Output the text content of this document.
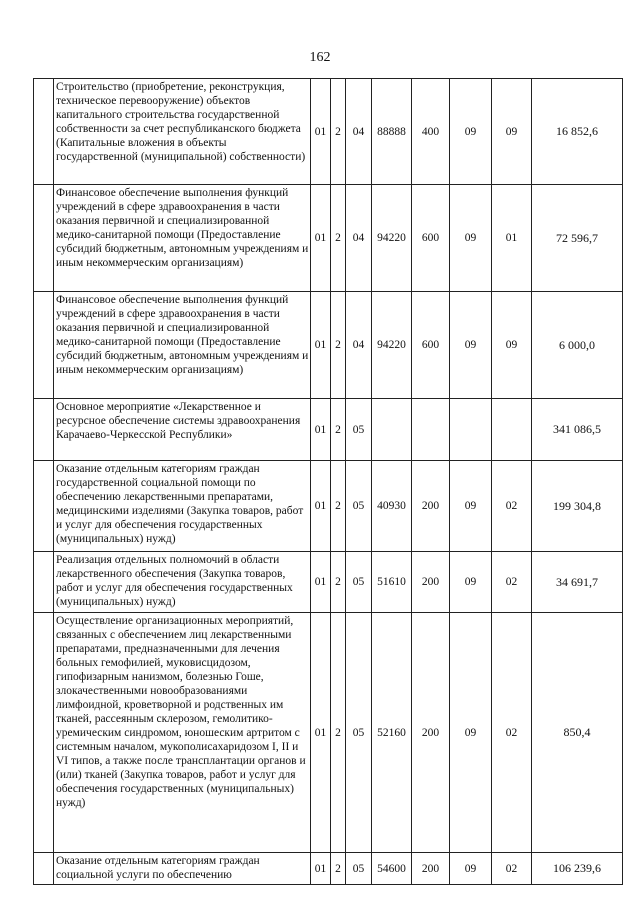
162
	Строительство (приобретение, реконструкция, техническое перевооружение) объектов капитального строительства государственной собственности за счет республиканского бюджета (Капитальные вложения в объекты государственной (муниципальной) собственности)	01	2	04	88888	400	09	09	16 852,6
	Финансовое обеспечение выполнения функций учреждений в сфере здравоохранения в части оказания первичной и специализированной медико-санитарной помощи (Предоставление субсидий бюджетным, автономным учреждениям и иным некоммерческим организациям)	01	2	04	94220	600	09	01	72 596,7
	Финансовое обеспечение выполнения функций учреждений в сфере здравоохранения в части оказания первичной и специализированной медико-санитарной помощи (Предоставление субсидий бюджетным, автономным учреждениям и иным некоммерческим организациям)	01	2	04	94220	600	09	09	6 000,0
	Основное мероприятие «Лекарственное и ресурсное обеспечение системы здравоохранения Карачаево-Черкесской Республики»	01	2	05					341 086,5
	Оказание отдельным категориям граждан государственной социальной помощи по обеспечению лекарственными препаратами, медицинскими изделиями (Закупка товаров, работ и услуг для обеспечения государственных (муниципальных) нужд)	01	2	05	40930	200	09	02	199 304,8
	Реализация отдельных полномочий в области лекарственного обеспечения (Закупка товаров, работ и услуг для обеспечения государственных (муниципальных) нужд)	01	2	05	51610	200	09	02	34 691,7
	Осуществление организационных мероприятий, связанных с обеспечением лиц лекарственными препаратами, предназначенными для лечения больных гемофилией, муковисцидозом, гипофизарным нанизмом, болезнью Гоше, злокачественными новообразованиями лимфоидной, кроветворной и родственных им тканей, рассеянным склерозом, гемолитико-уремическим синдромом, юношеским артритом с системным началом, мукополисахаридозом I, II и VI типов, а также после трансплантации органов и (или) тканей (Закупка товаров, работ и услуг для обеспечения государственных (муниципальных) нужд)	01	2	05	52160	200	09	02	850,4
	Оказание отдельным категориям граждан социальной услуги по обеспечению	01	2	05	54600	200	09	02	106 239,6
